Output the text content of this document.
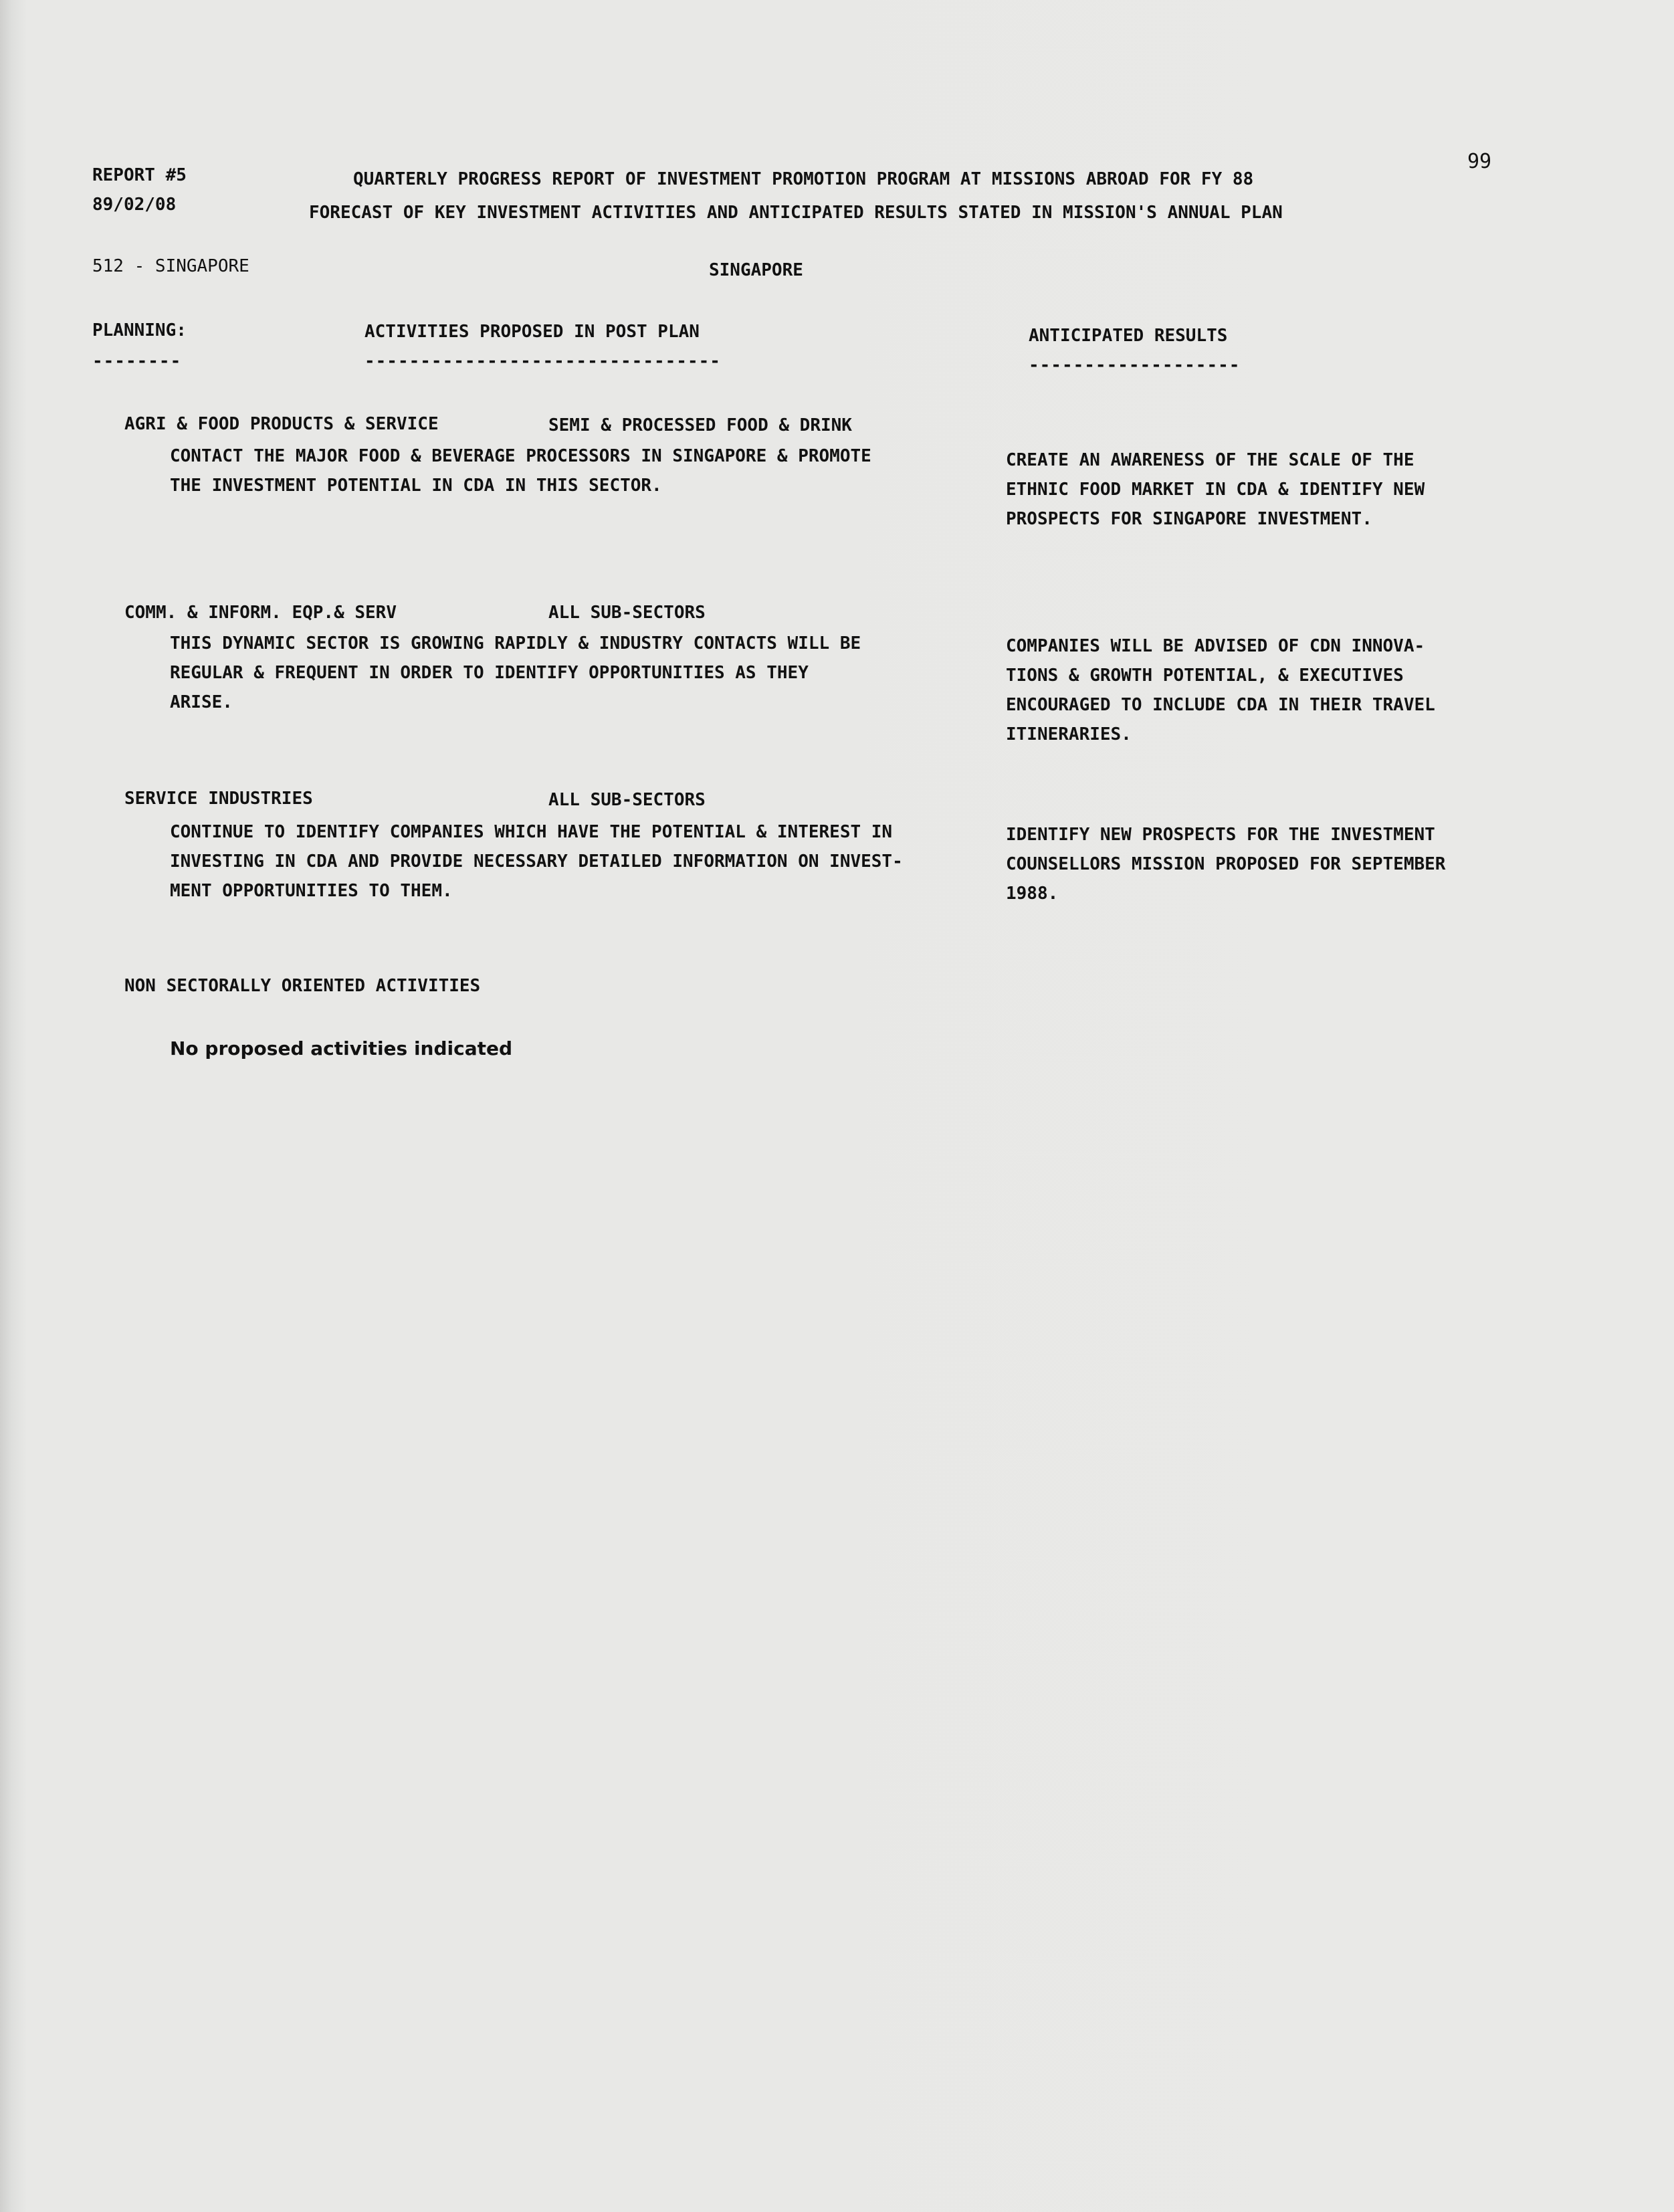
REPORT #5
89/02/08
QUARTERLY PROGRESS REPORT OF INVESTMENT PROMOTION PROGRAM AT MISSIONS ABROAD FOR FY 88
FORECAST OF KEY INVESTMENT ACTIVITIES AND ANTICIPATED RESULTS STATED IN MISSION'S ANNUAL PLAN
99
512 - SINGAPORE	SINGAPORE
PLANNING:
--------
ACTIVITIES PROPOSED IN POST PLAN
--------------------------------
ANTICIPATED RESULTS
-------------------
AGRI & FOOD PRODUCTS & SERVICE	SEMI & PROCESSED FOOD & DRINK
CONTACT THE MAJOR FOOD & BEVERAGE PROCESSORS IN SINGAPORE & PROMOTE
THE INVESTMENT POTENTIAL IN CDA IN THIS SECTOR.
CREATE AN AWARENESS OF THE SCALE OF THE
ETHNIC FOOD MARKET IN CDA & IDENTIFY NEW
PROSPECTS FOR SINGAPORE INVESTMENT.
COMM. & INFORM. EQP.& SERV	ALL SUB-SECTORS
THIS DYNAMIC SECTOR IS GROWING RAPIDLY & INDUSTRY CONTACTS WILL BE
REGULAR & FREQUENT IN ORDER TO IDENTIFY OPPORTUNITIES AS THEY
ARISE.
COMPANIES WILL BE ADVISED OF CDN INNOVA-
TIONS & GROWTH POTENTIAL, & EXECUTIVES
ENCOURAGED TO INCLUDE CDA IN THEIR TRAVEL
ITINERARIES.
SERVICE INDUSTRIES	ALL SUB-SECTORS
CONTINUE TO IDENTIFY COMPANIES WHICH HAVE THE POTENTIAL & INTEREST IN
INVESTING IN CDA AND PROVIDE NECESSARY DETAILED INFORMATION ON INVEST-
MENT OPPORTUNITIES TO THEM.
IDENTIFY NEW PROSPECTS FOR THE INVESTMENT
COUNSELLORS MISSION PROPOSED FOR SEPTEMBER
1988.
NON SECTORALLY ORIENTED ACTIVITIES
No proposed activities indicated
